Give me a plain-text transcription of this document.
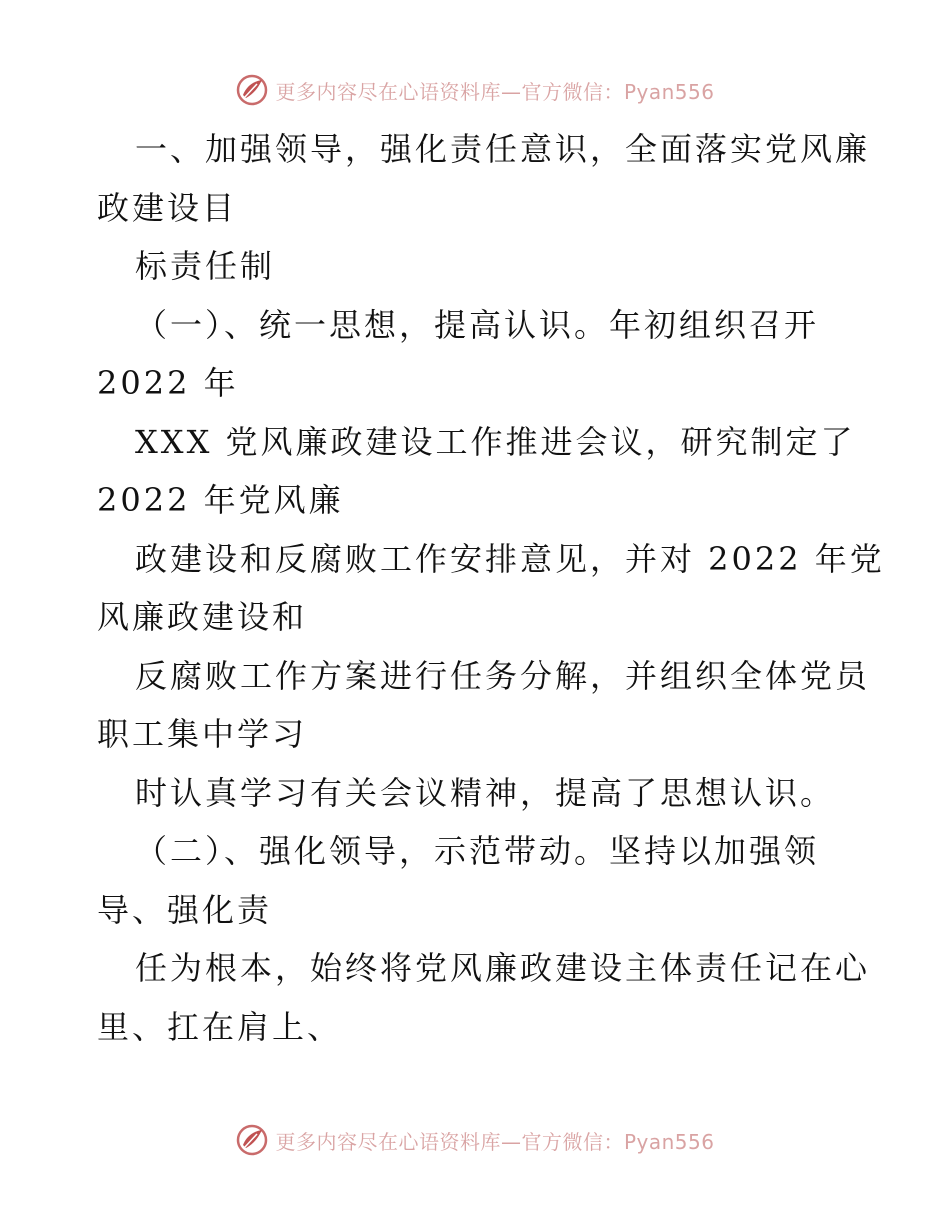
更多内容尽在心语资料库—官方微信：Pyan556
一、加强领导，强化责任意识，全面落实党风廉
政建设目
标责任制
（一）、统一思想，提高认识。年初组织召开
2022 年
XXX 党风廉政建设工作推进会议，研究制定了
2022 年党风廉
政建设和反腐败工作安排意见，并对 2022 年党
风廉政建设和
反腐败工作方案进行任务分解，并组织全体党员
职工集中学习
时认真学习有关会议精神，提高了思想认识。
（二）、强化领导，示范带动。坚持以加强领
导、强化责
任为根本，始终将党风廉政建设主体责任记在心
里、扛在肩上、
更多内容尽在心语资料库—官方微信：Pyan556
